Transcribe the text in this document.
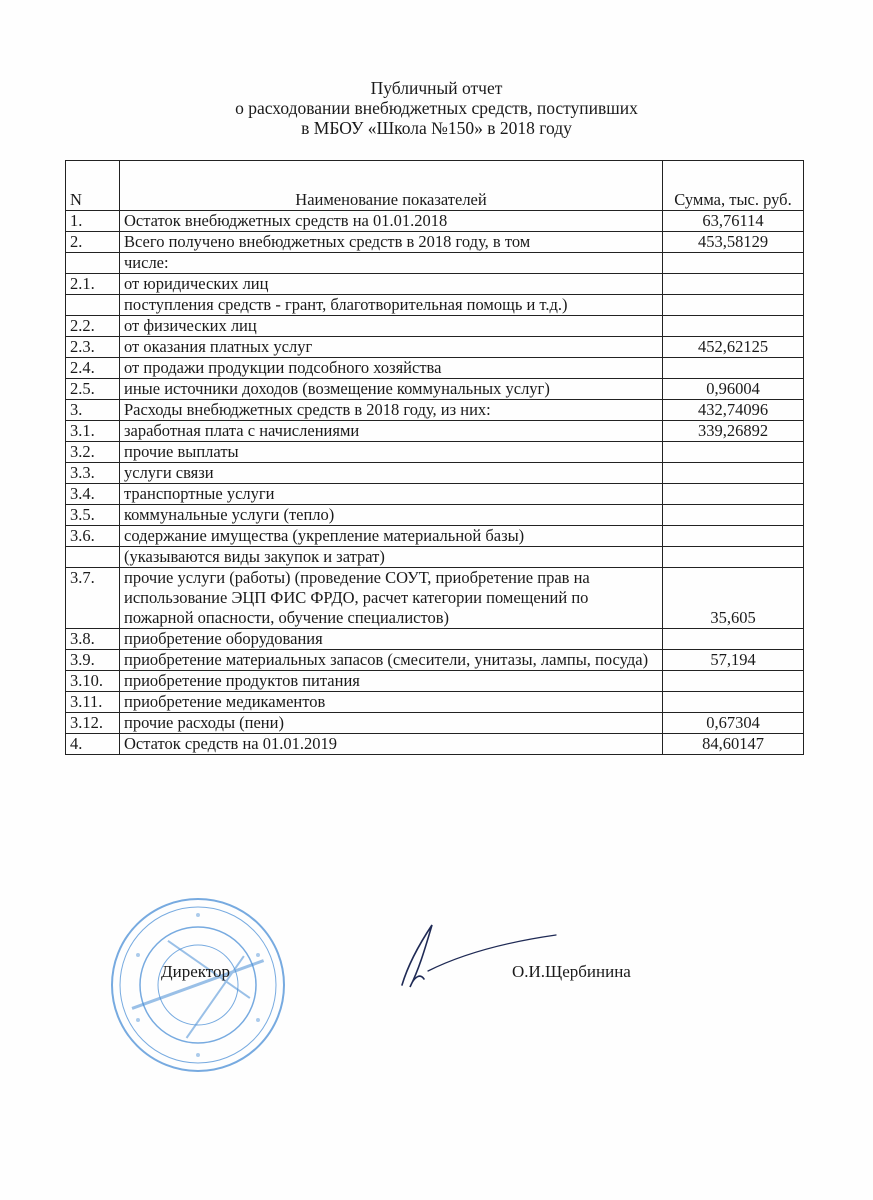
Публичный отчет
о расходовании внебюджетных средств, поступивших
в МБОУ «Школа №150» в 2018 году
N	Наименование показателей	Сумма, тыс. руб.
1.	Остаток внебюджетных средств на 01.01.2018	63,76114
2.	Всего получено внебюджетных средств в 2018 году, в том	453,58129
	числе:	
2.1.	от юридических лиц	
	поступления средств - грант, благотворительная помощь и т.д.)	
2.2.	от физических лиц	
2.3.	от оказания платных услуг	452,62125
2.4.	от продажи продукции подсобного хозяйства	
2.5.	иные источники доходов (возмещение коммунальных услуг)	0,96004
3.	Расходы внебюджетных средств в 2018 году, из них:	432,74096
3.1.	заработная плата с начислениями	339,26892
3.2.	прочие выплаты	
3.3.	услуги связи	
3.4.	транспортные услуги	
3.5.	коммунальные услуги (тепло)	
3.6.	содержание имущества (укрепление материальной базы)	
	(указываются виды закупок и затрат)	
3.7.	прочие услуги (работы) (проведение СОУТ, приобретение прав на использование ЭЦП ФИС ФРДО, расчет категории помещений по пожарной опасности, обучение специалистов)	35,605
3.8.	приобретение оборудования	
3.9.	приобретение материальных запасов (смесители, унитазы, лампы, посуда)	57,194
3.10.	приобретение продуктов питания	
3.11.	приобретение медикаментов	
3.12.	прочие расходы (пени)	0,67304
4.	Остаток средств на 01.01.2019	84,60147
Директор	О.И.Щербинина
